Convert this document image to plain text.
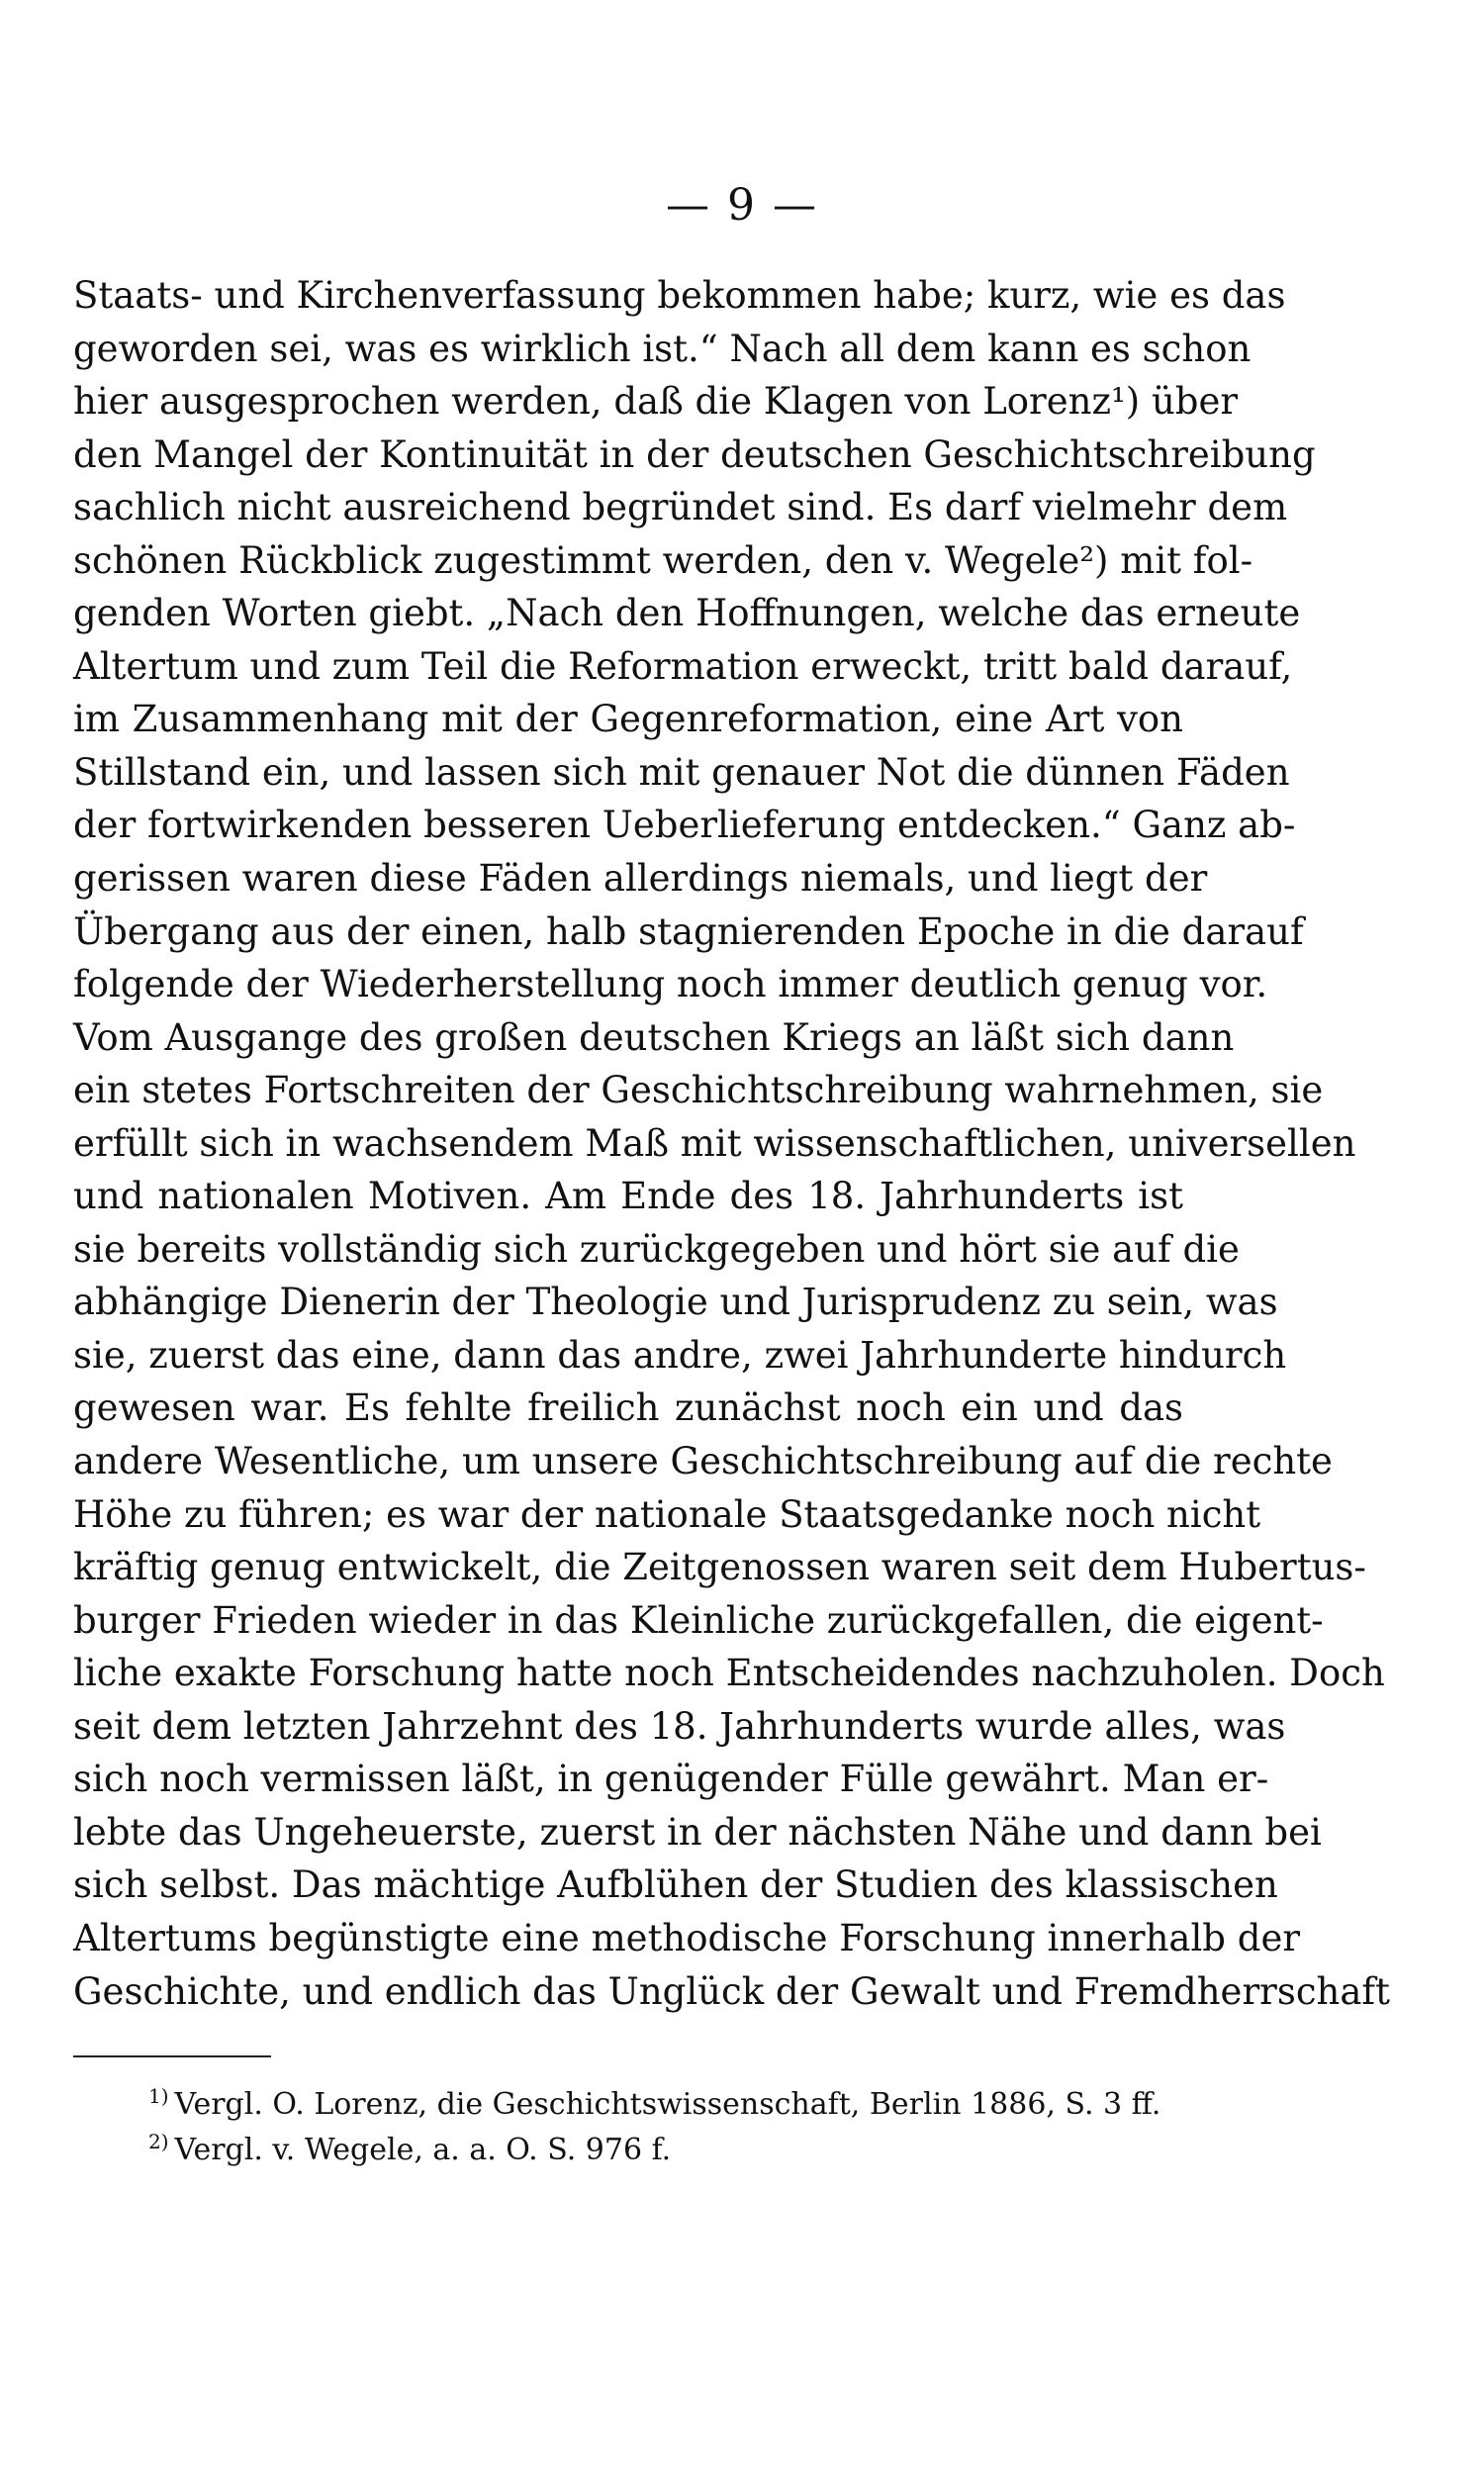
— 9 —
Staats- und Kirchenverfassung bekommen habe; kurz, wie es das
geworden sei, was es wirklich ist.“ Nach all dem kann es schon
hier ausgesprochen werden, daß die Klagen von Lorenz¹) über
den Mangel der Kontinuität in der deutschen Geschichtschreibung
sachlich nicht ausreichend begründet sind. Es darf vielmehr dem
schönen Rückblick zugestimmt werden, den v. Wegele²) mit fol-
genden Worten giebt. „Nach den Hoffnungen, welche das erneute
Altertum und zum Teil die Reformation erweckt, tritt bald darauf,
im Zusammenhang mit der Gegenreformation, eine Art von
Stillstand ein, und lassen sich mit genauer Not die dünnen Fäden
der fortwirkenden besseren Ueberlieferung entdecken.“ Ganz ab-
gerissen waren diese Fäden allerdings niemals, und liegt der
Übergang aus der einen, halb stagnierenden Epoche in die darauf
folgende der Wiederherstellung noch immer deutlich genug vor.
Vom Ausgange des großen deutschen Kriegs an läßt sich dann
ein stetes Fortschreiten der Geschichtschreibung wahrnehmen, sie
erfüllt sich in wachsendem Maß mit wissenschaftlichen, universellen
und nationalen Motiven. Am Ende des 18. Jahrhunderts ist
sie bereits vollständig sich zurückgegeben und hört sie auf die
abhängige Dienerin der Theologie und Jurisprudenz zu sein, was
sie, zuerst das eine, dann das andre, zwei Jahrhunderte hindurch
gewesen war. Es fehlte freilich zunächst noch ein und das
andere Wesentliche, um unsere Geschichtschreibung auf die rechte
Höhe zu führen; es war der nationale Staatsgedanke noch nicht
kräftig genug entwickelt, die Zeitgenossen waren seit dem Hubertus-
burger Frieden wieder in das Kleinliche zurückgefallen, die eigent-
liche exakte Forschung hatte noch Entscheidendes nachzuholen. Doch
seit dem letzten Jahrzehnt des 18. Jahrhunderts wurde alles, was
sich noch vermissen läßt, in genügender Fülle gewährt. Man er-
lebte das Ungeheuerste, zuerst in der nächsten Nähe und dann bei
sich selbst. Das mächtige Aufblühen der Studien des klassischen
Altertums begünstigte eine methodische Forschung innerhalb der
Geschichte, und endlich das Unglück der Gewalt und Fremdherrschaft
$^{1)}$ Vergl. O. Lorenz, die Geschichtswissenschaft, Berlin 1886, S. 3 ff.
$^{2)}$ Vergl. v. Wegele, a. a. O. S. 976 f.
